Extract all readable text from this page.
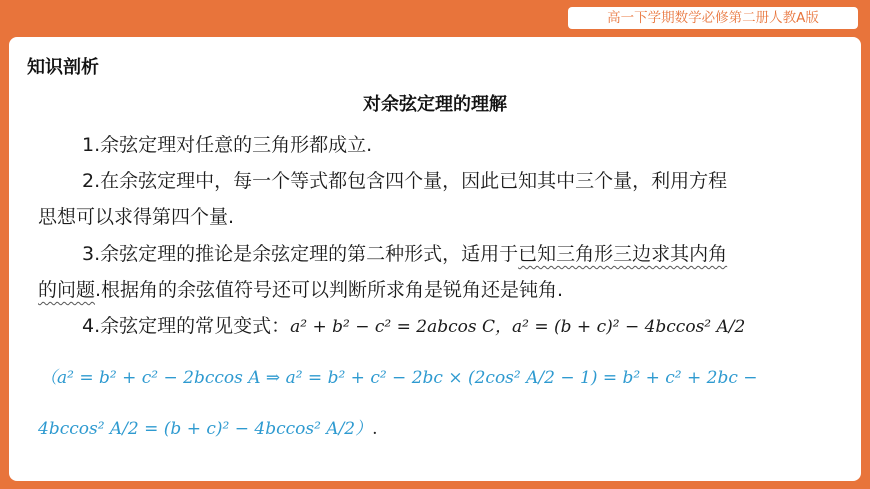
高一下学期数学必修第二册人教A版
知识剖析
对余弦定理的理解
1.余弦定理对任意的三角形都成立.
2.在余弦定理中，每一个等式都包含四个量，因此已知其中三个量，利用方程
思想可以求得第四个量.
3.余弦定理的推论是余弦定理的第二种形式，适用于已知三角形三边求其内角
的问题.根据角的余弦值符号还可以判断所求角是锐角还是钝角.
4.余弦定理的常见变式：a² + b² − c² = 2abcos C，a² = (b + c)² − 4bccos² A/2
（a² = b² + c² − 2bccos A ⇒ a² = b² + c² − 2bc × (2cos² A/2 − 1) = b² + c² + 2bc −
4bccos² A/2 = (b + c)² − 4bccos² A/2）.
